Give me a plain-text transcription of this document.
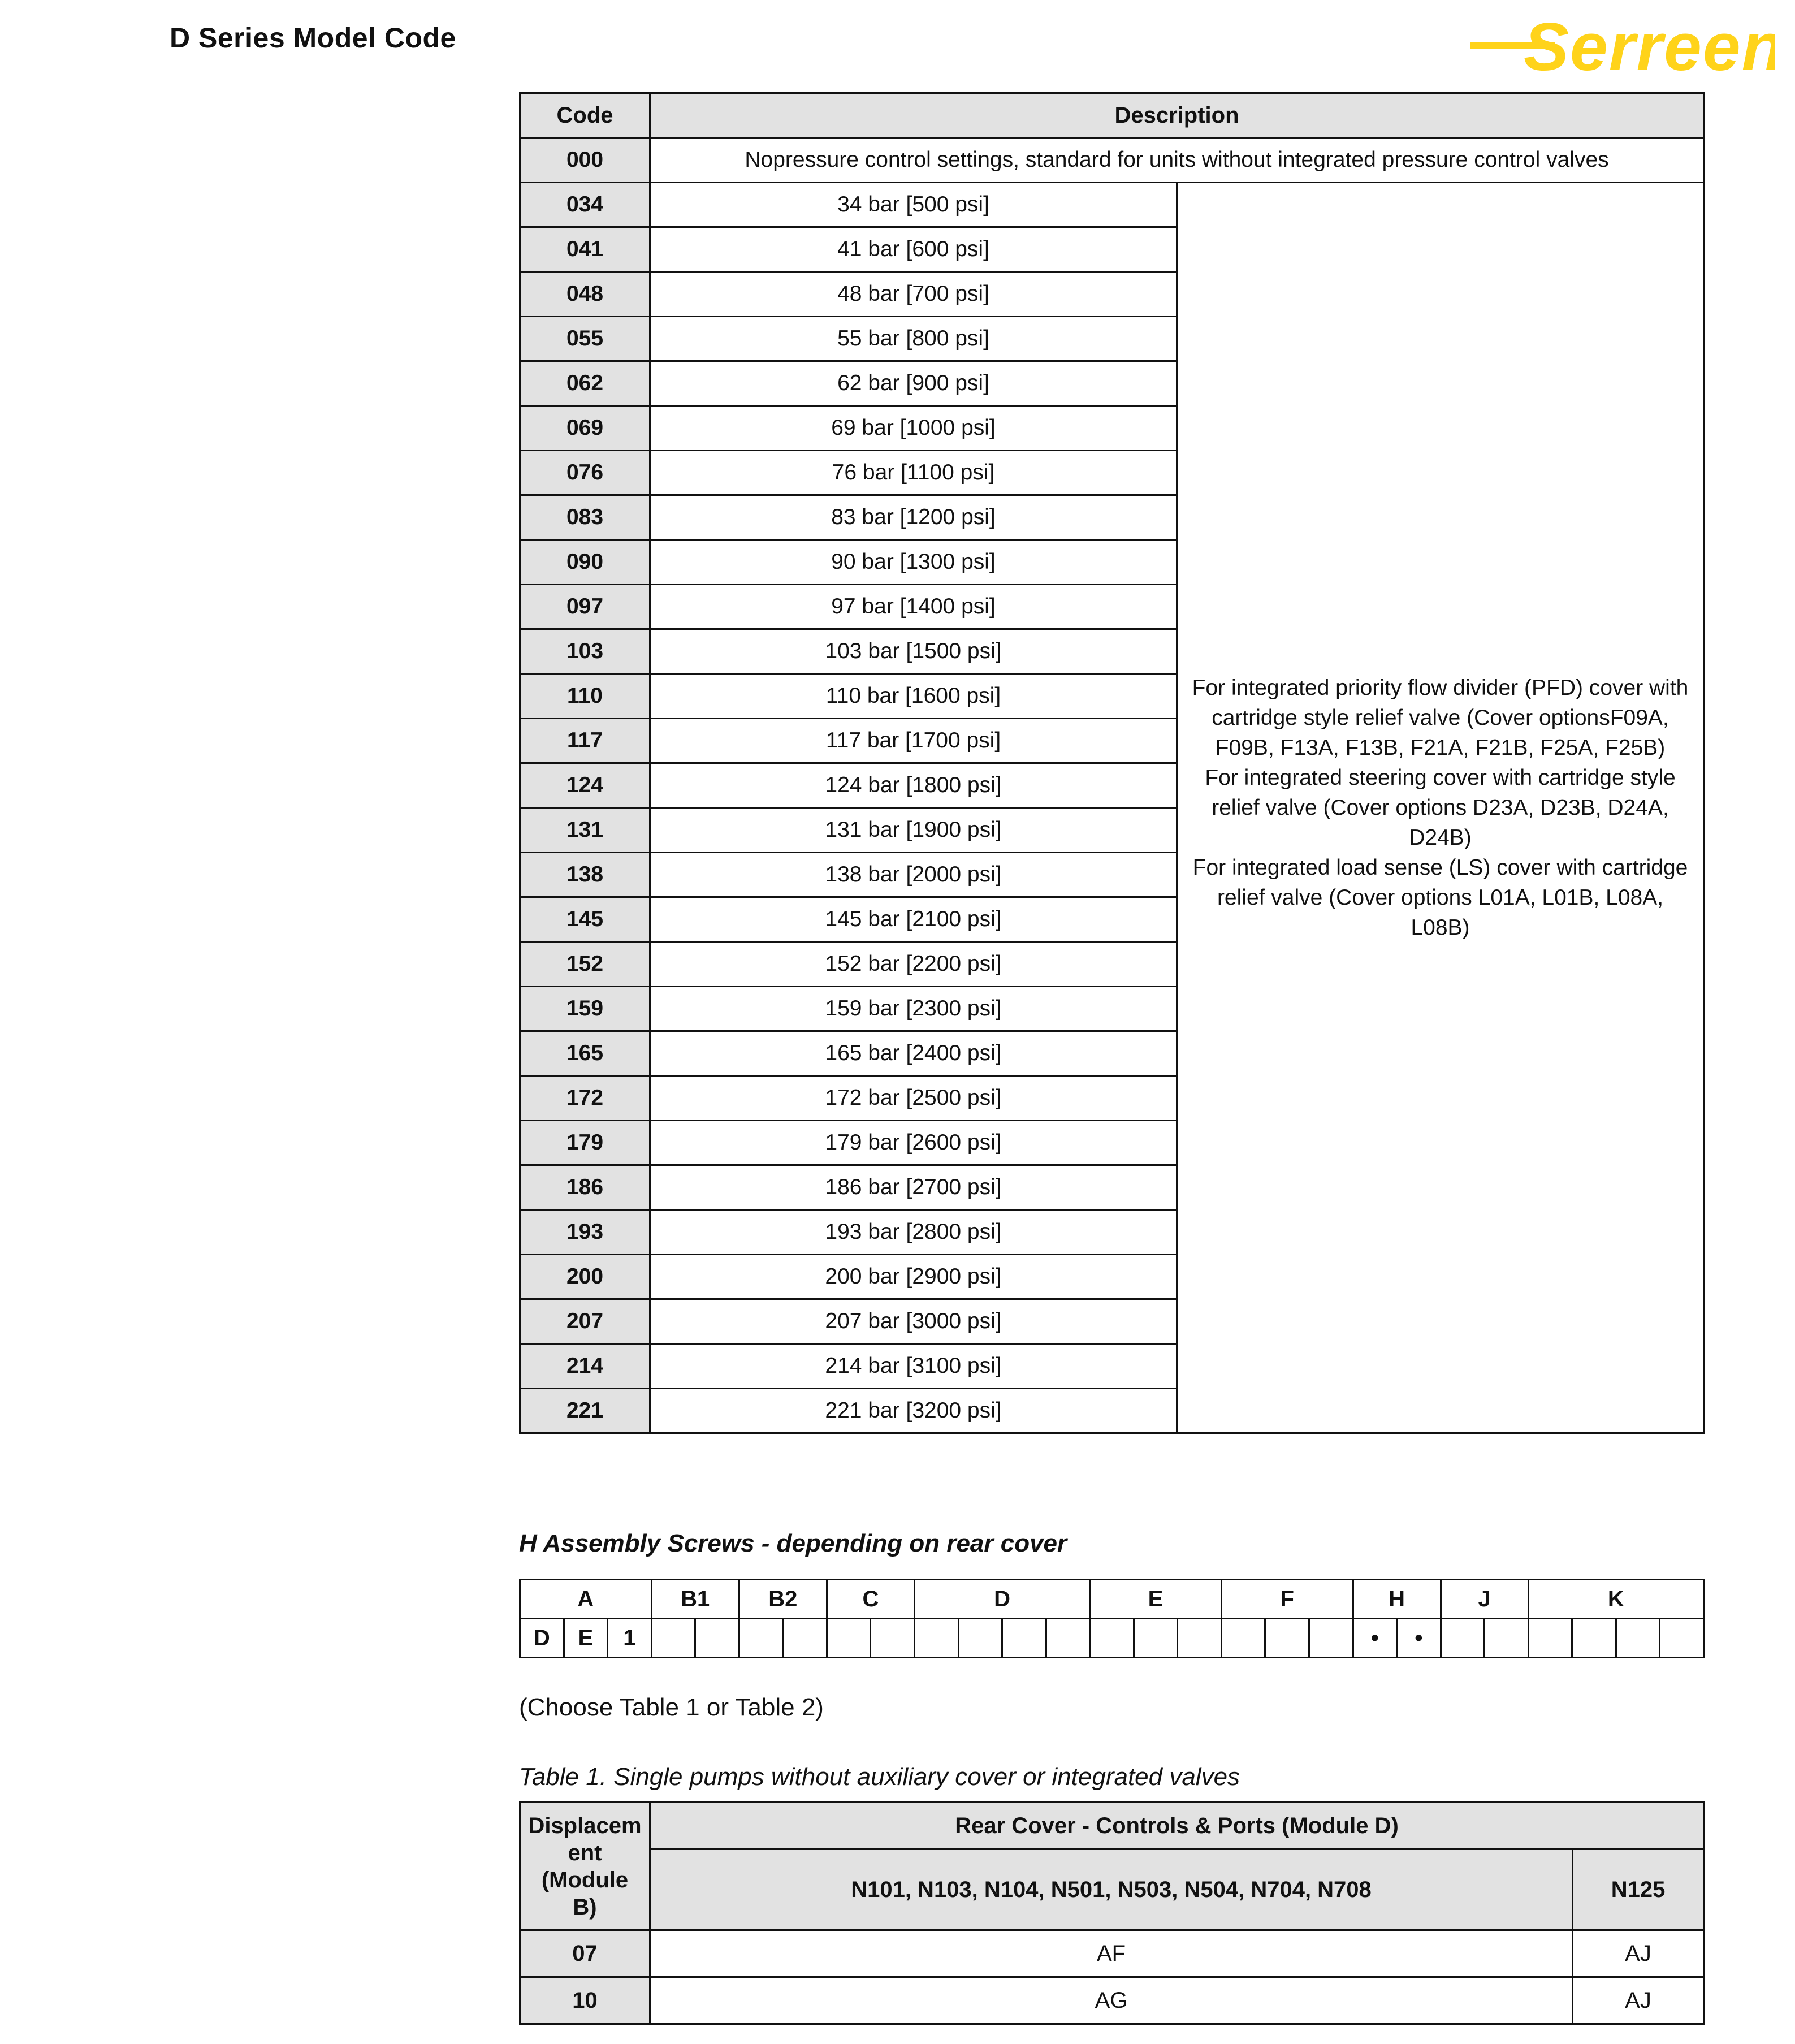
D Series Model Code	Serreen
Code	Description	
000	Nopressure control settings, standard for units without integrated pressure control valves	
034	34 bar [500 psi]	For integrated priority flow divider (PFD) cover with cartridge style relief valve (Cover optionsF09A, F09B, F13A, F13B, F21A, F21B, F25A, F25B)
For integrated steering cover with cartridge style relief valve (Cover options D23A, D23B, D24A, D24B)
For integrated load sense (LS) cover with cartridge relief valve (Cover options L01A, L01B, L08A, L08B)

041	41 bar [600 psi]	
048	48 bar [700 psi]	
055	55 bar [800 psi]	
062	62 bar [900 psi]	
069	69 bar [1000 psi]	
076	76 bar [1100 psi]	
083	83 bar [1200 psi]	
090	90 bar [1300 psi]	
097	97 bar [1400 psi]	
103	103 bar [1500 psi]	
110	110 bar [1600 psi]	
117	117 bar [1700 psi]	
124	124 bar [1800 psi]	
131	131 bar [1900 psi]	
138	138 bar [2000 psi]	
145	145 bar [2100 psi]	
152	152 bar [2200 psi]	
159	159 bar [2300 psi]	
165	165 bar [2400 psi]	
172	172 bar [2500 psi]	
179	179 bar [2600 psi]	
186	186 bar [2700 psi]	
193	193 bar [2800 psi]	
200	200 bar [2900 psi]	
207	207 bar [3000 psi]	
214	214 bar [3100 psi]	
221	221 bar [3200 psi]	
H Assembly Screws - depending on rear cover
A			B1		B2		C		D				E			F			H		J		K			
D	E	1																	•	•						
(Choose Table 1 or Table 2)
Table 1. Single pumps without auxiliary cover or integrated valves
Displacem
ent
(Module
B)	Rear Cover - Controls & Ports (Module D)	
	N101, N103, N104, N501, N503, N504, N704, N708	N125
07	AF	AJ
10	AG	AJ
